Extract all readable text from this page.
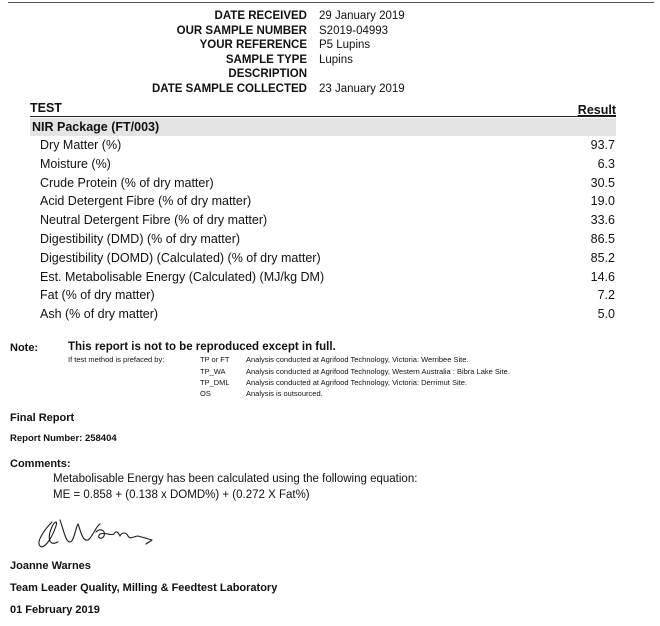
DATE RECEIVED 29 January 2019
OUR SAMPLE NUMBER S2019-04993
YOUR REFERENCE P5 Lupins
SAMPLE TYPE Lupins
DESCRIPTION
DATE SAMPLE COLLECTED 23 January 2019
TEST	Result
NIR Package (FT/003)
Dry Matter (%)	93.7
Moisture (%)	6.3
Crude Protein (% of dry matter)	30.5
Acid Detergent Fibre (% of dry matter)	19.0
Neutral Detergent Fibre (% of dry matter)	33.6
Digestibility (DMD) (% of dry matter)	86.5
Digestibility (DOMD) (Calculated) (% of dry matter)	85.2
Est. Metabolisable Energy (Calculated) (MJ/kg DM)	14.6
Fat (% of dry matter)	7.2
Ash (% of dry matter)	5.0
Note:	This report is not to be reproduced except in full.
If test method is prefaced by:	TP or FT Analysis conducted at Agrifood Technology, Victoria: Werribee Site.
TP_WA	Analysis conducted at Agrifood Technology, Western Australia : Bibra Lake Site.
TP_DML Analysis conducted at Agrifood Technology, Victoria: Derrimut Site.
OS	Analysis is outsourced.
Final Report
Report Number: 258404
Comments:
Metabolisable Energy has been calculated using the following equation:
ME = 0.858 + (0.138 x DOMD%) + (0.272 X Fat%)
Joanne Warnes
Team Leader Quality, Milling & Feedtest Laboratory
01 February 2019
